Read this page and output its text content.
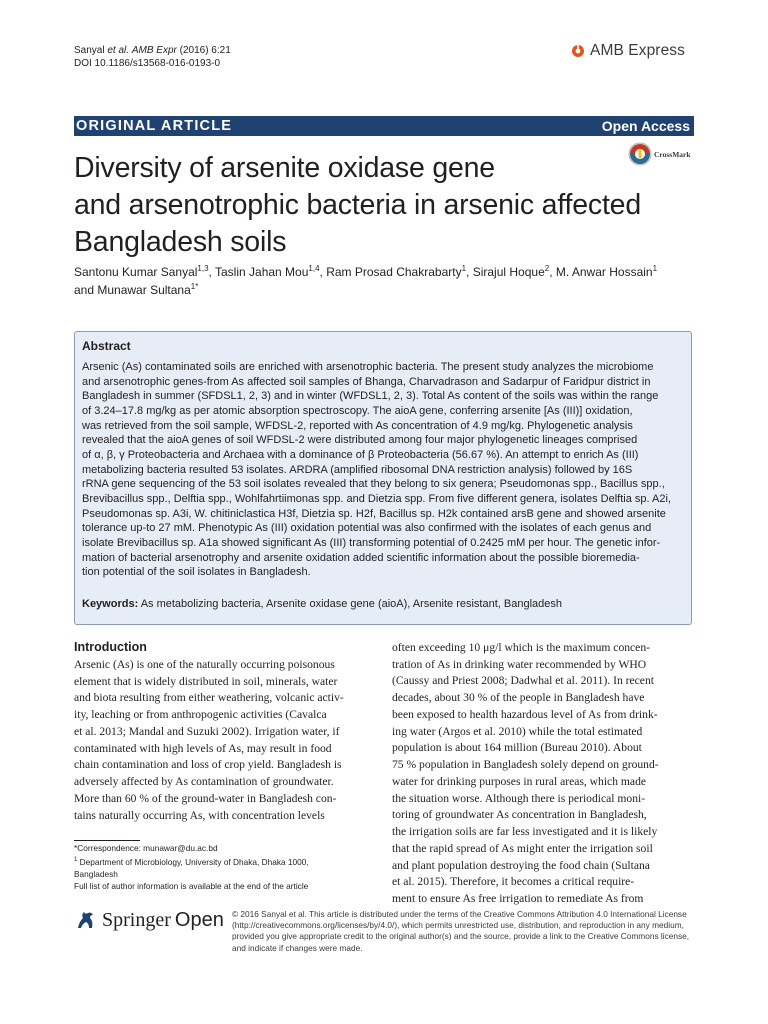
Sanyal et al. AMB Expr (2016) 6:21
DOI 10.1186/s13568-016-0193-0
AMB Express
ORIGINAL ARTICLE	Open Access
CrossMark
Diversity of arsenite oxidase gene
and arsenotrophic bacteria in arsenic affected
Bangladesh soils
Santonu Kumar Sanyal$^{1,3}$, Taslin Jahan Mou$^{1,4}$, Ram Prosad Chakrabarty$^1$, Sirajul Hoque$^2$, M. Anwar Hossain$^1$
and Munawar Sultana$^{1*}$
Abstract
Arsenic (As) contaminated soils are enriched with arsenotrophic bacteria. The present study analyzes the microbiome
and arsenotrophic genes-from As affected soil samples of Bhanga, Charvadrason and Sadarpur of Faridpur district in
Bangladesh in summer (SFDSL1, 2, 3) and in winter (WFDSL1, 2, 3). Total As content of the soils was within the range
of 3.24–17.8 mg/kg as per atomic absorption spectroscopy. The aioA gene, conferring arsenite [As (III)] oxidation,
was retrieved from the soil sample, WFDSL-2, reported with As concentration of 4.9 mg/kg. Phylogenetic analysis
revealed that the aioA genes of soil WFDSL-2 were distributed among four major phylogenetic lineages comprised
of α, β, γ Proteobacteria and Archaea with a dominance of β Proteobacteria (56.67 %). An attempt to enrich As (III)
metabolizing bacteria resulted 53 isolates. ARDRA (amplified ribosomal DNA restriction analysis) followed by 16S
rRNA gene sequencing of the 53 soil isolates revealed that they belong to six genera; Pseudomonas spp., Bacillus spp.,
Brevibacillus spp., Delftia spp., Wohlfahrtiimonas spp. and Dietzia spp. From five different genera, isolates Delftia sp. A2i,
Pseudomonas sp. A3i, W. chitiniclastica H3f, Dietzia sp. H2f, Bacillus sp. H2k contained arsB gene and showed arsenite
tolerance up-to 27 mM. Phenotypic As (III) oxidation potential was also confirmed with the isolates of each genus and
isolate Brevibacillus sp. A1a showed significant As (III) transforming potential of 0.2425 mM per hour. The genetic infor-
mation of bacterial arsenotrophy and arsenite oxidation added scientific information about the possible bioremedia-
tion potential of the soil isolates in Bangladesh.
Keywords: As metabolizing bacteria, Arsenite oxidase gene (aioA), Arsenite resistant, Bangladesh
Introduction
Arsenic (As) is one of the naturally occurring poisonous
element that is widely distributed in soil, minerals, water
and biota resulting from either weathering, volcanic activ-
ity, leaching or from anthropogenic activities (Cavalca
et al. 2013; Mandal and Suzuki 2002). Irrigation water, if
contaminated with high levels of As, may result in food
chain contamination and loss of crop yield. Bangladesh is
adversely affected by As contamination of groundwater.
More than 60 % of the ground-water in Bangladesh con-
tains naturally occurring As, with concentration levels
often exceeding 10 μg/l which is the maximum concen-
tration of As in drinking water recommended by WHO
(Caussy and Priest 2008; Dadwhal et al. 2011). In recent
decades, about 30 % of the people in Bangladesh have
been exposed to health hazardous level of As from drink-
ing water (Argos et al. 2010) while the total estimated
population is about 164 million (Bureau 2010). About
75 % population in Bangladesh solely depend on ground-
water for drinking purposes in rural areas, which made
the situation worse. Although there is periodical moni-
toring of groundwater As concentration in Bangladesh,
the irrigation soils are far less investigated and it is likely
that the rapid spread of As might enter the irrigation soil
and plant population destroying the food chain (Sultana
et al. 2015). Therefore, it becomes a critical require-
ment to ensure As free irrigation to remediate As from
*Correspondence: munawar@du.ac.bd
$^1$ Department of Microbiology, University of Dhaka, Dhaka 1000,
Bangladesh
Full list of author information is available at the end of the article
Springer Open © 2016 Sanyal et al. This article is distributed under the terms of the Creative Commons Attribution 4.0 International License
(http://creativecommons.org/licenses/by/4.0/), which permits unrestricted use, distribution, and reproduction in any medium,
provided you give appropriate credit to the original author(s) and the source, provide a link to the Creative Commons license,
and indicate if changes were made.
